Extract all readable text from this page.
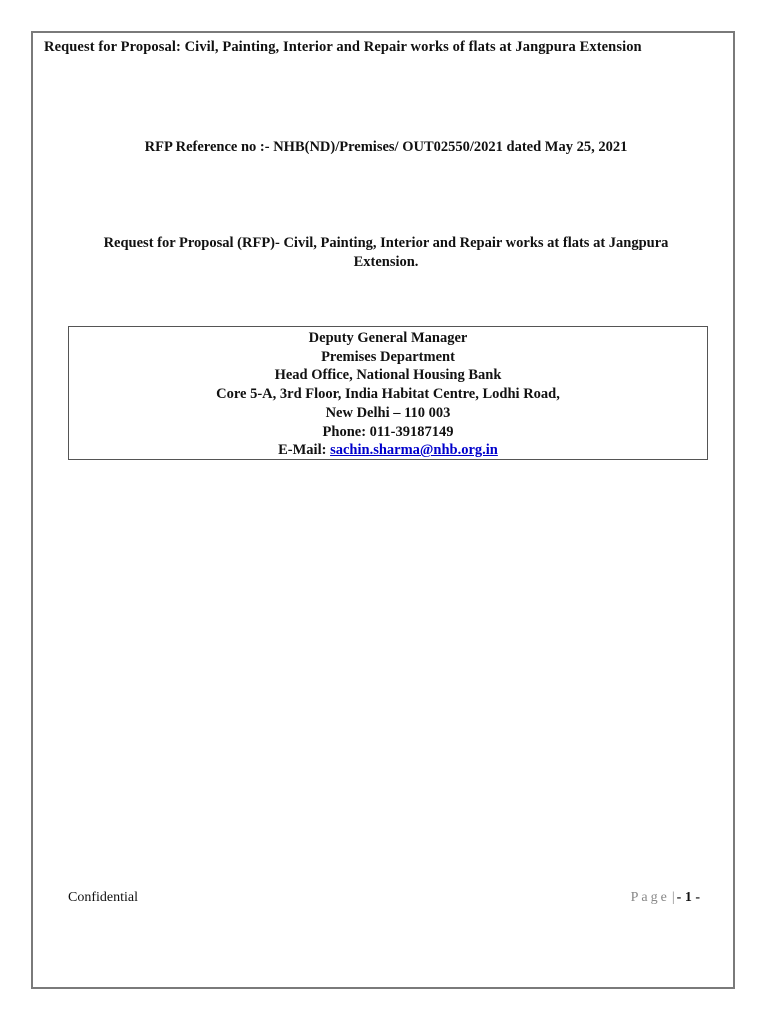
Request for Proposal: Civil, Painting, Interior and Repair works of flats at Jangpura Extension
RFP Reference no :- NHB(ND)/Premises/ OUT02550/2021 dated May 25, 2021
Request for Proposal (RFP)- Civil, Painting, Interior and Repair works at flats at Jangpura Extension.
Deputy General Manager
Premises Department
Head Office, National Housing Bank
Core 5-A, 3rd Floor, India Habitat Centre, Lodhi Road,
New Delhi – 110 003
Phone: 011-39187149
E-Mail: sachin.sharma@nhb.org.in
Confidential	Page | - 1 -
